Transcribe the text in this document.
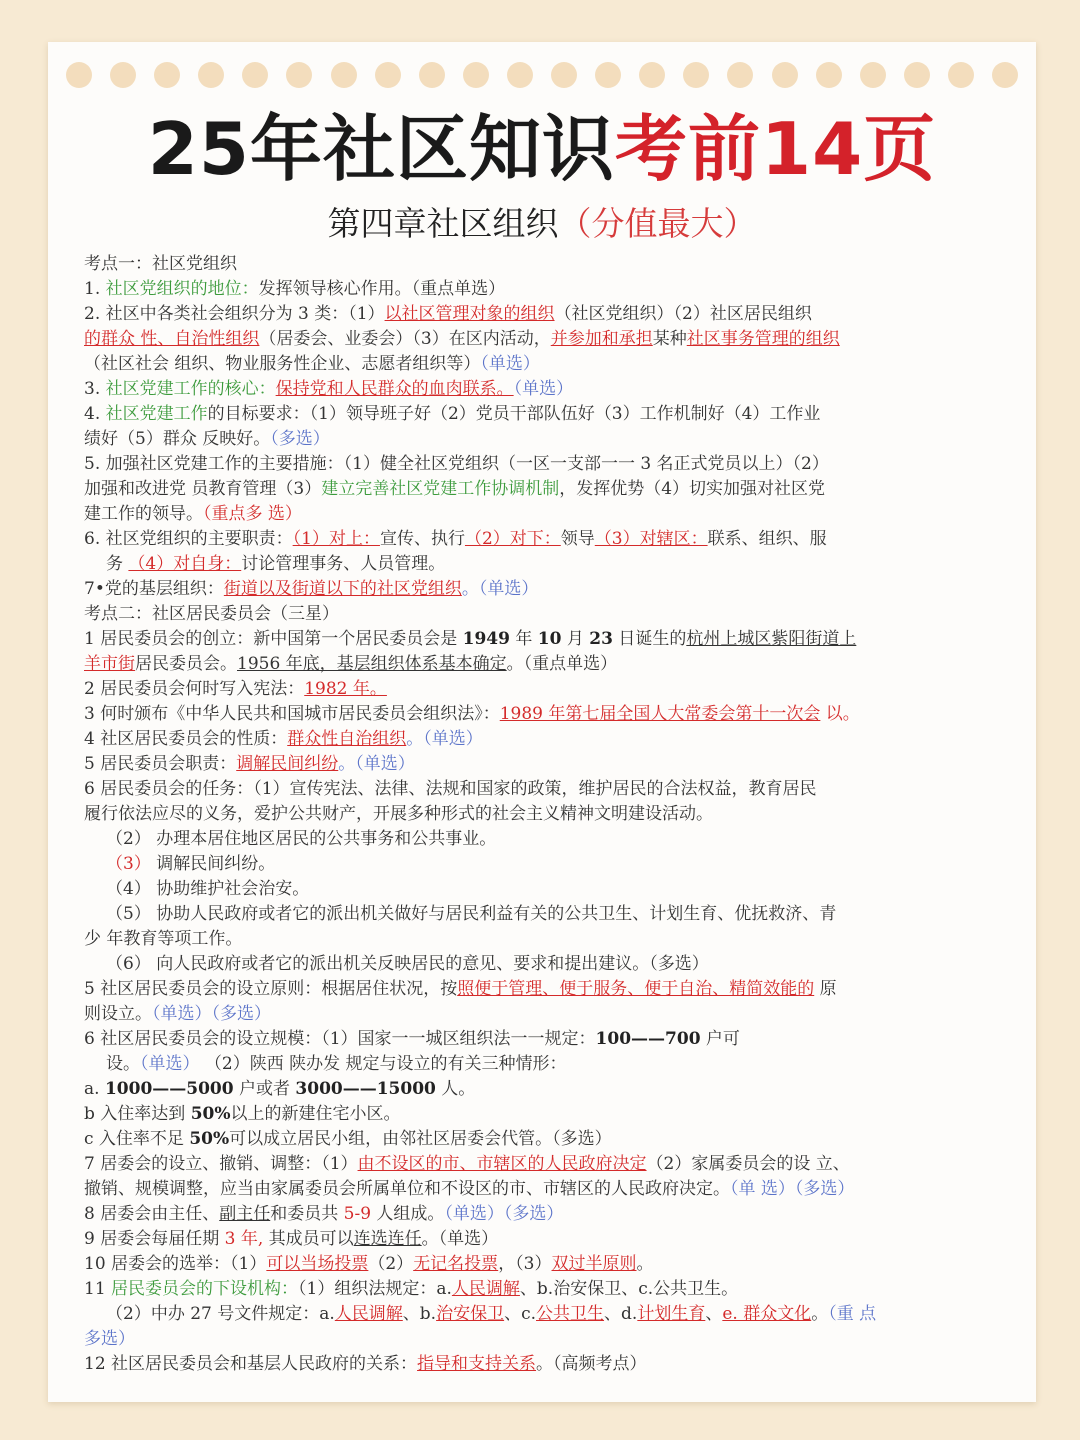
25年社区知识考前14页
第四章社区组织（分值最大）
考点一：社区党组织
1. 社区党组织的地位：发挥领导核心作用。（重点单选）
2. 社区中各类社会组织分为 3 类：（1）以社区管理对象的组织（社区党组织）（2）社区居民组织
的群众 性、自治性组织（居委会、业委会）（3）在区内活动，并参加和承担某种社区事务管理的组织
（社区社会 组织、物业服务性企业、志愿者组织等）（单选）
3. 社区党建工作的核心：保持党和人民群众的血肉联系。（单选）
4. 社区党建工作的目标要求：（1）领导班子好（2）党员干部队伍好（3）工作机制好（4）工作业
绩好（5）群众 反映好。（多选）
5. 加强社区党建工作的主要措施：（1）健全社区党组织（一区一支部一一 3 名正式党员以上）（2）
加强和改进党 员教育管理（3）建立完善社区党建工作协调机制，发挥优势（4）切实加强对社区党
建工作的领导。（重点多 选）
6. 社区党组织的主要职责：（1）对上：宣传、执行（2）对下：领导（3）对辖区：联系、组织、服
务 （4）对自身：讨论管理事务、人员管理。
7•党的基层组织：街道以及街道以下的社区党组织。（单选）
考点二：社区居民委员会（三星）
1 居民委员会的创立：新中国第一个居民委员会是 1949 年 10 月 23 日诞生的杭州上城区紫阳街道上
羊市街居民委员会。1956 年底，基层组织体系基本确定。（重点单选）
2 居民委员会何时写入宪法：1982 年。
3 何时颁布《中华人民共和国城市居民委员会组织法》：1989 年第七届全国人大常委会第十一次会 以。
4 社区居民委员会的性质：群众性自治组织。（单选）
5 居民委员会职责：调解民间纠纷。（单选）
6 居民委员会的任务：（1）宣传宪法、法律、法规和国家的政策，维护居民的合法权益，教育居民
履行依法应尽的义务，爱护公共财产，开展多种形式的社会主义精神文明建设活动。
（2） 办理本居住地区居民的公共事务和公共事业。
（3） 调解民间纠纷。
（4） 协助维护社会治安。
（5） 协助人民政府或者它的派出机关做好与居民利益有关的公共卫生、计划生育、优抚救济、青
少 年教育等项工作。
（6） 向人民政府或者它的派出机关反映居民的意见、要求和提出建议。（多选）
5 社区居民委员会的设立原则：根据居住状况，按照便于管理、便于服务、便于自治、精简效能的 原
则设立。（单选）（多选）
6 社区居民委员会的设立规模：（1）国家一一城区组织法一一规定：100——700 户可
设。（单选） （2）陕西 陕办发 规定与设立的有关三种情形：
a. 1000——5000 户或者 3000——15000 人。
b 入住率达到 50%以上的新建住宅小区。
c 入住率不足 50%可以成立居民小组，由邻社区居委会代管。（多选）
7 居委会的设立、撤销、调整：（1）由不设区的市、市辖区的人民政府决定（2）家属委员会的设 立、
撤销、规模调整，应当由家属委员会所属单位和不设区的市、市辖区的人民政府决定。（单 选）（多选）
8 居委会由主任、副主任和委员共 5-9 人组成。（单选）（多选）
9 居委会每届任期 3 年, 其成员可以连选连任。（单选）
10 居委会的选举：（1）可以当场投票（2）无记名投票，（3）双过半原则。
11 居民委员会的下设机构：（1）组织法规定：a.人民调解、b.治安保卫、c.公共卫生。
（2）中办 27 号文件规定：a.人民调解、b.治安保卫、c.公共卫生、d.计划生育、e. 群众文化。（重 点
多选）
12 社区居民委员会和基层人民政府的关系：指导和支持关系。（高频考点）
